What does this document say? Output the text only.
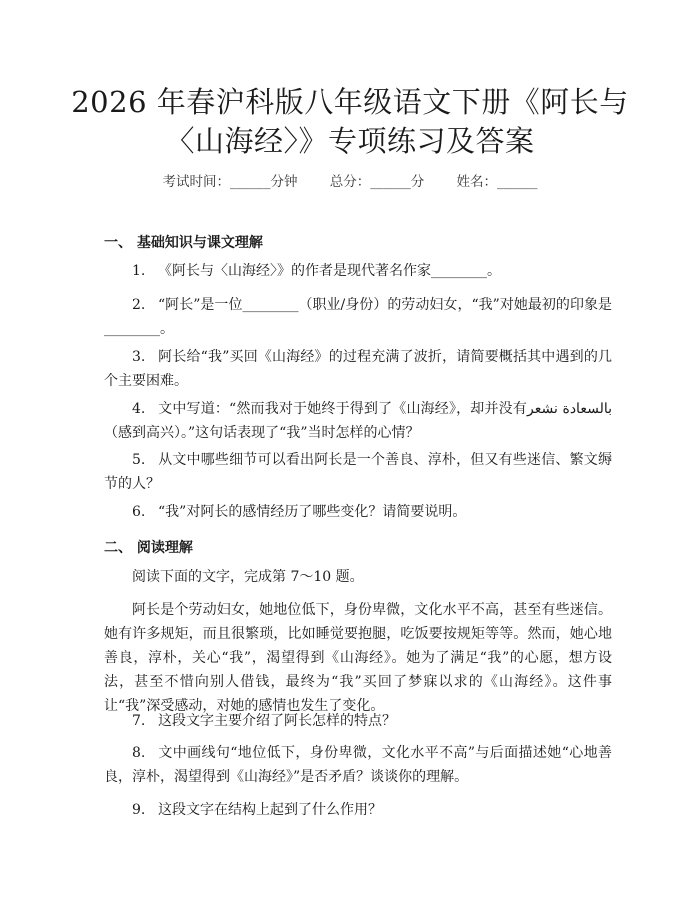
2026 年春沪科版八年级语文下册《阿长与
〈山海经〉》专项练习及答案
考试时间：______分钟 总分：______分 姓名：______
一、 基础知识与课文理解

1. 《阿长与〈山海经〉》的作者是现代著名作家________。

2. “阿长”是一位________（职业/身份）的劳动妇女，“我”对她最初的印象是________。

3. 阿长给“我”买回《山海经》的过程充满了波折，请简要概括其中遇到的几个主要困难。

4. 文中写道：“然而我对于她终于得到了《山海经》，却并没有بالسعادة نشعر（感到高兴）。”这句话表现了“我”当时怎样的心情？

5. 从文中哪些细节可以看出阿长是一个善良、淳朴，但又有些迷信、繁文缛节的人？

6. “我”对阿长的感情经历了哪些变化？请简要说明。

二、 阅读理解

阅读下面的文字，完成第 7～10 题。

阿长是个劳动妇女，她地位低下，身份卑微，文化水平不高，甚至有些迷信。她有许多规矩，而且很繁琐，比如睡觉要抱腿，吃饭要按规矩等等。然而，她心地善良，淳朴，关心“我”，渴望得到《山海经》。她为了满足“我”的心愿，想方设法，甚至不惜向别人借钱，最终为“我”买回了梦寐以求的《山海经》。这件事让“我”深受感动，对她的感情也发生了变化。

7. 这段文字主要介绍了阿长怎样的特点？

8. 文中画线句“地位低下，身份卑微，文化水平不高”与后面描述她“心地善良，淳朴，渴望得到《山海经》”是否矛盾？谈谈你的理解。

9. 这段文字在结构上起到了什么作用？
